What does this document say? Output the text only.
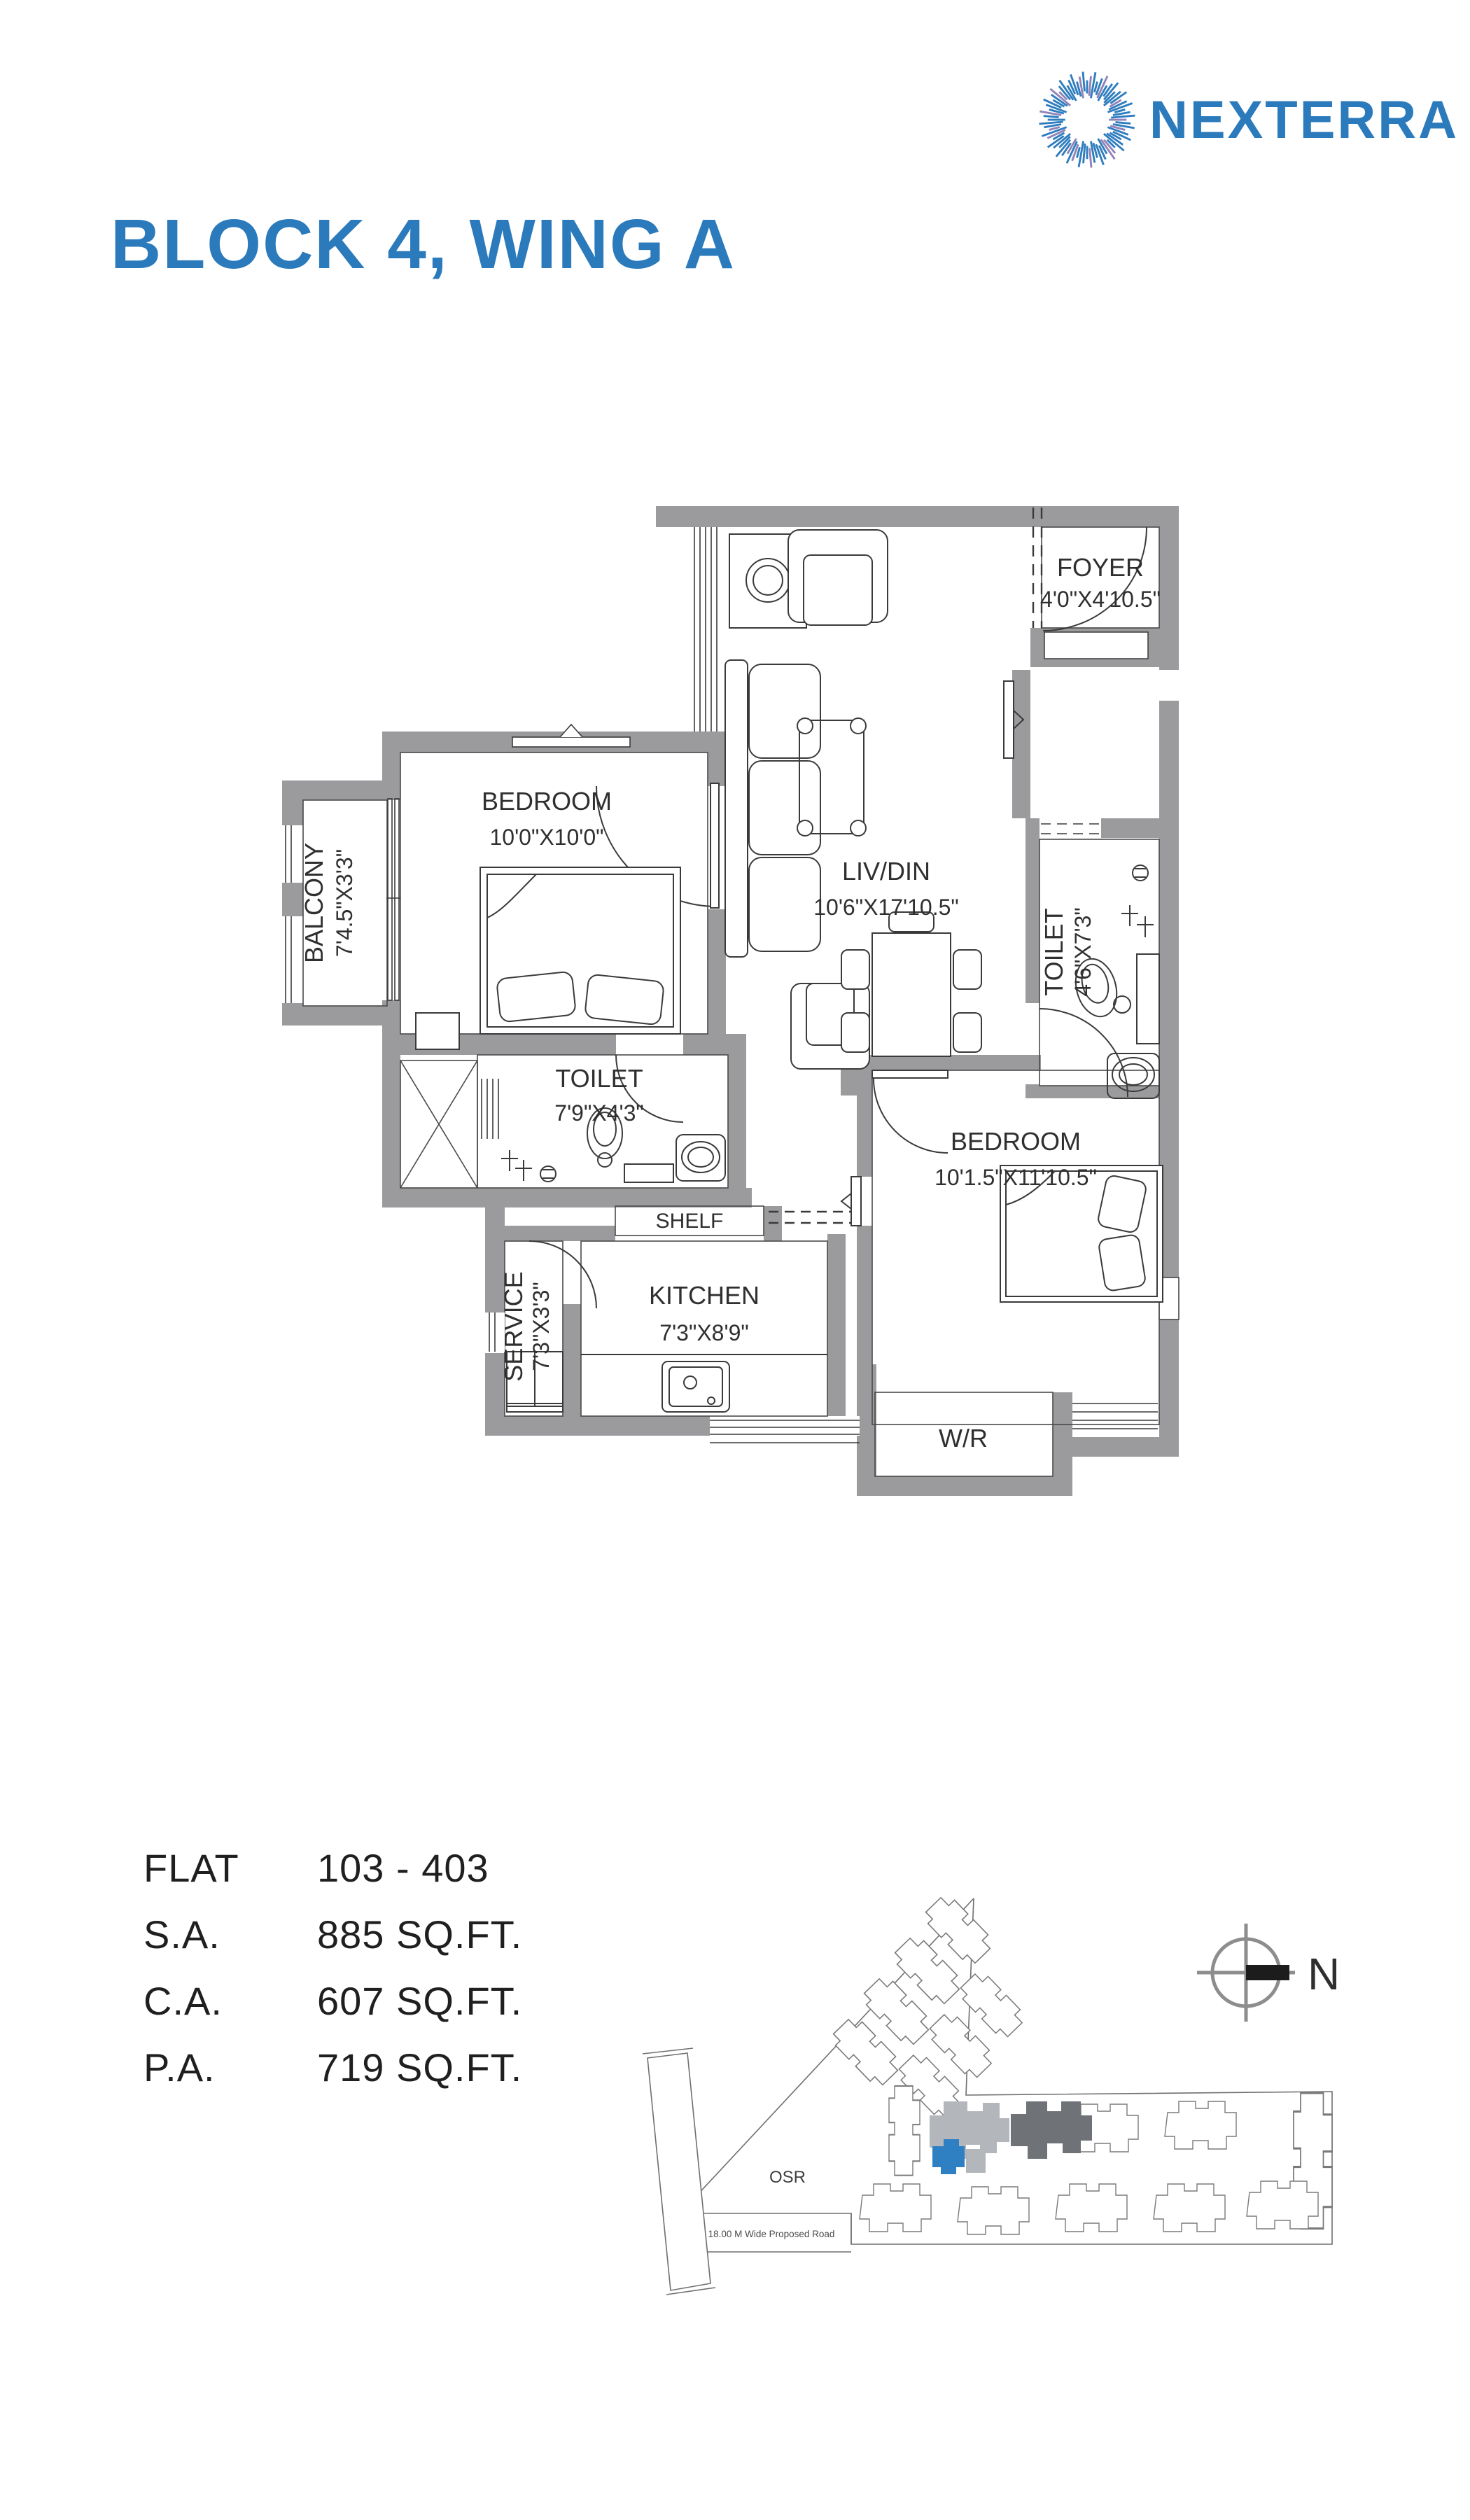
NEXTERRA
BLOCK 4, WING A
FOYER
4'0"X4'10.5"
LIV/DIN
10'6"X17'10.5"
BEDROOM
10'0"X10'0"
BALCONY 7'4.5"X3'3"
TOILET
7'9"X4'3"
TOILET 4'6"X7'3"
BEDROOM
10'1.5"X11'10.5"
SHELF
KITCHEN
7'3"X8'9"
SERVICE 7'3"X3'3"
W/R
FLAT	103 - 403
S.A.	885 SQ.FT.
C.A.	607 SQ.FT.
P.A.	719 SQ.FT.
OSR
18.00 M Wide Proposed Road
N
